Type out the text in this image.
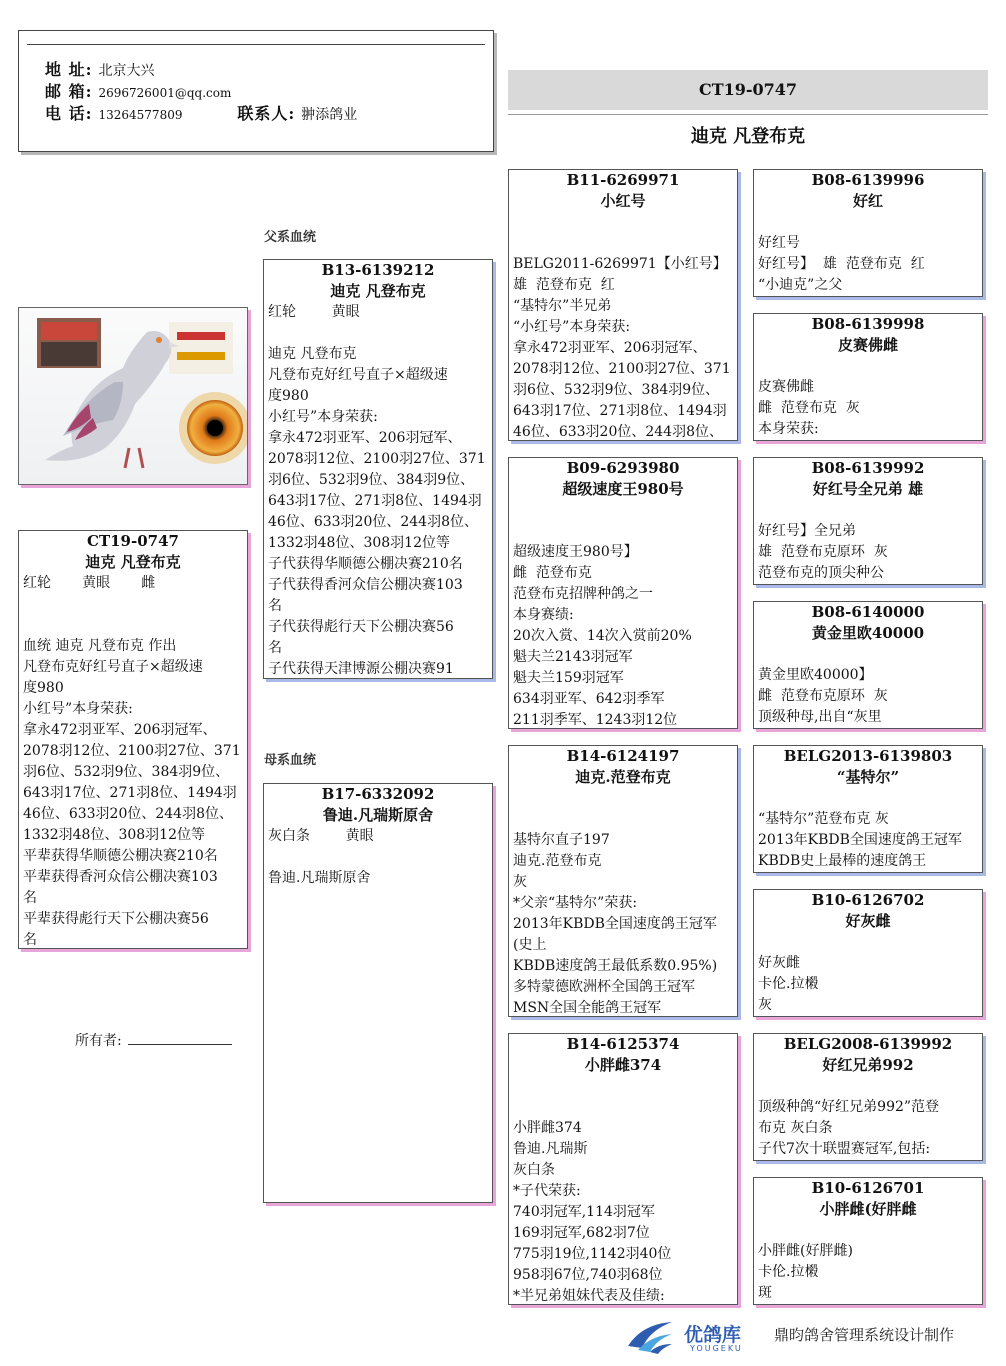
地 址: 北京大兴
邮 箱: 2696726001@qq.com
电 话: 13264577809	联系人: 翀添鸽业
CT19-0747
迪克 凡登布克
CT19-0747
迪克 凡登布克
红轮       黄眼       雌

血统 迪克 凡登布克 作出
凡登布克好红号直子×超级速
度980
小红号”本身荣获:
拿永472羽亚军、206羽冠军、
2078羽12位、2100羽27位、371
羽6位、532羽9位、384羽9位、
643羽17位、271羽8位、1494羽
46位、633羽20位、244羽8位、
1332羽48位、308羽12位等
平辈获得华顺德公棚决赛210名
平辈获得香河众信公棚决赛103
名
平辈获得彪行天下公棚决赛56
名
所有者:
父系血统
母系血统
B13-6139212
迪克 凡登布克
红轮        黄眼

迪克 凡登布克
凡登布克好红号直子×超级速
度980
小红号”本身荣获:
拿永472羽亚军、206羽冠军、
2078羽12位、2100羽27位、371
羽6位、532羽9位、384羽9位、
643羽17位、271羽8位、1494羽
46位、633羽20位、244羽8位、
1332羽48位、308羽12位等
子代获得华顺德公棚决赛210名
子代获得香河众信公棚决赛103
名
子代获得彪行天下公棚决赛56
名
子代获得天津博源公棚决赛91
B17-6332092
鲁迪.凡瑞斯原舍
灰白条        黄眼

鲁迪.凡瑞斯原舍
B11-6269971
小红号

BELG2011-6269971【小红号】
雄  范登布克  红
“基特尔”半兄弟
“小红号”本身荣获:
拿永472羽亚军、206羽冠军、
2078羽12位、2100羽27位、371
羽6位、532羽9位、384羽9位、
643羽17位、271羽8位、1494羽
46位、633羽20位、244羽8位、
B09-6293980
超级速度王980号

超级速度王980号】
雌  范登布克
范登布克招牌种鸽之一
本身赛绩:
20次入赏、14次入赏前20%
魁夫兰2143羽冠军
魁夫兰159羽冠军
634羽亚军、642羽季军
211羽季军、1243羽12位
B14-6124197
迪克.范登布克

基特尔直子197
迪克.范登布克
灰
*父亲“基特尔”荣获:
2013年KBDB全国速度鸽王冠军
(史上
KBDB速度鸽王最低系数0.95%)
多特蒙德欧洲杯全国鸽王冠军
MSN全国全能鸽王冠军
B14-6125374
小胖雌374

小胖雌374
鲁迪.凡瑞斯
灰白条
*子代荣获:
740羽冠军,114羽冠军
169羽冠军,682羽7位
775羽19位,1142羽40位
958羽67位,740羽68位
*半兄弟姐妹代表及佳绩:
B08-6139996
好红

好红号
好红号】  雄  范登布克  红
“小迪克”之父
B08-6139998
皮赛佛雌

皮赛佛雌
雌  范登布克  灰
本身荣获:
B08-6139992
好红号全兄弟 雄

好红号】全兄弟
雄  范登布克原环  灰
范登布克的顶尖种公
B08-6140000
黄金里欧40000

黄金里欧40000】
雌  范登布克原环  灰
顶级种母,出自“灰里
BELG2013-6139803
“基特尔”

“基特尔”范登布克 灰
2013年KBDB全国速度鸽王冠军
KBDB史上最棒的速度鸽王
B10-6126702
好灰雌

好灰雌
卡伦.拉樧
灰
BELG2008-6139992
好红兄弟992

顶级种鸽“好红兄弟992”范登
布克 灰白条
子代7次十联盟赛冠军,包括:
B10-6126701
小胖雌(好胖雌

小胖雌(好胖雌)
卡伦.拉樧
斑
优鸽库
YOUGEKU
鼎昀鸽舍管理系统设计制作
